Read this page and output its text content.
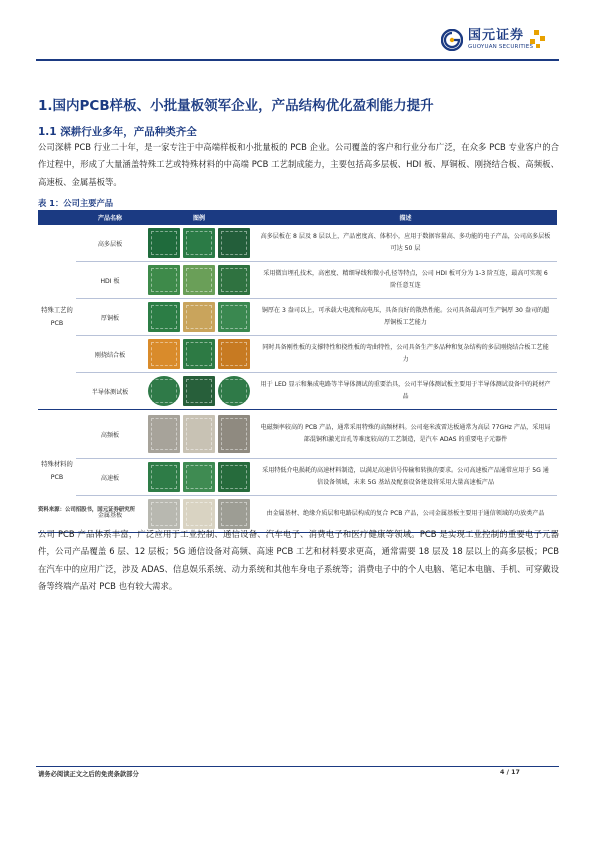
国元证券
GUOYUAN SECURITIES
1.国内PCB样板、小批量板领军企业，产品结构优化盈利能力提升
1.1 深耕行业多年，产品种类齐全
公司深耕 PCB 行业二十年，是一家专注于中高端样板和小批量板的 PCB 企业。公司覆盖的客户和行业分布广泛，在众多 PCB 专业客户的合作过程中，形成了大量涵盖特殊工艺或特殊材料的中高端 PCB 工艺制成能力，主要包括高多层板、HDI 板、厚铜板、刚挠结合板、高频板、高速板、金属基板等。
表 1：公司主要产品
	产品名称	图例	描述
特殊工艺的PCB	高多层板		高多层板在 8 层及 8 层以上，产品密度高、体积小，应用于数据容量高、多功能的电子产品，公司高多层板可达 50 层
	HDI 板		采用微盲埋孔技术，高密度、精细导线和微小孔径等特点，公司 HDI 板可分为 1-3 阶互连，最高可实现 6 阶任意互连
	厚铜板		铜厚在 3 盎司以上，可承载大电流和高电压，具备良好的散热性能。公司具备最高可生产铜厚 30 盎司的超厚铜板工艺能力
	刚挠结合板		同时具备刚性板的支撑特性和挠性板的弯曲特性，公司具备生产多品种和复杂结构的多层刚挠结合板工艺能力
	半导体测试板		用于 LED 显示和集成电路等半导体测试的重要治具，公司半导体测试板主要用于半导体测试设备中的耗材产品
特殊材料的PCB	高频板		电磁频率较高的 PCB 产品，通常采用特殊的高频材料。公司毫米波雷达板通常为高层 77GHz 产品，采用局部混铜和激光盲孔等难度较高的工艺制造，是汽车 ADAS 的重要电子元器件
	高速板		采用特低介电损耗的高速材料制造，以满足高速信号传输和转换的要求。公司高速板产品通常应用于 5G 通信设备领域，未来 5G 基站及配套设备建设将采用大量高速板产品
	金属基板		由金属基材、绝缘介质层和电路层构成的复合 PCB 产品，公司金属基板主要用于通信领域的功放类产品
资料来源：公司招股书，国元证券研究所
公司 PCB 产品体系丰富，广泛应用于工业控制、通信设备、汽车电子、消费电子和医疗健康等领域。PCB 是实现工业控制的重要电子元器件，公司产品覆盖 6 层、12 层板；5G 通信设备对高频、高速 PCB 工艺和材料要求更高，通常需要 18 层及 18 层以上的高多层板；PCB 在汽车中的应用广泛，涉及 ADAS、信息娱乐系统、动力系统和其他车身电子系统等；消费电子中的个人电脑、笔记本电脑、手机、可穿戴设备等终端产品对 PCB 也有较大需求。
请务必阅读正文之后的免责条款部分	4 / 17
